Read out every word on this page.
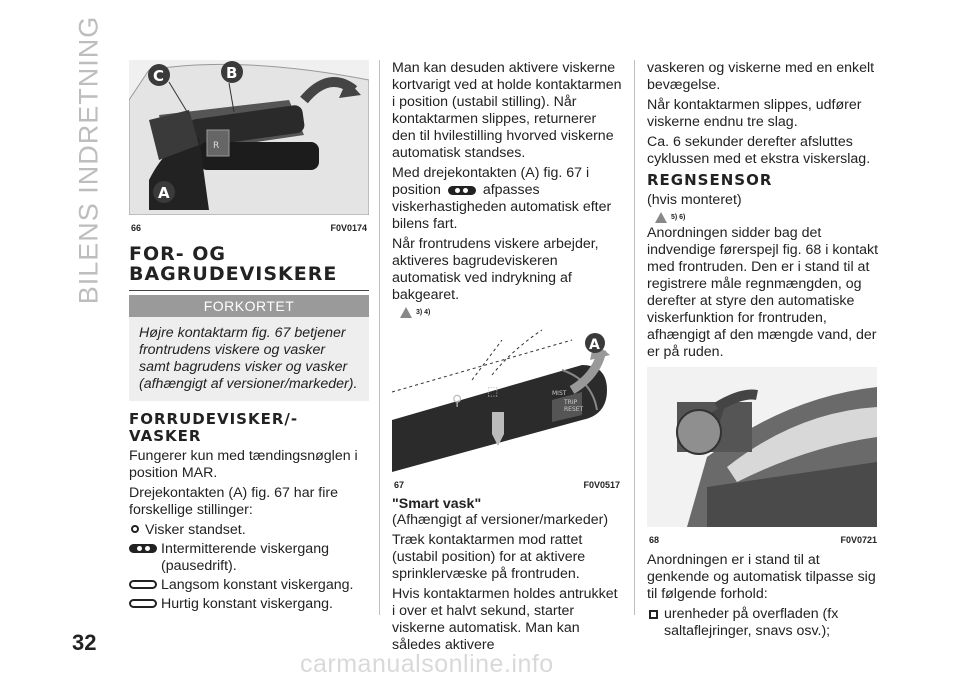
BILENS INDRETNING
32
carmanualsonline.info
R
C	B
A
66	F0V0174
FOR- OG BAGRUDEVISKERE
FORKORTET
Højre kontaktarm fig. 67 betjener frontrudens viskere og vasker samt bagrudens visker og vasker (afhængigt af versioner/markeder).
FORRUDEVISKER/-VASKER

Fungerer kun med tændingsnøglen i position MAR.

Drejekontakten (A) fig. 67 har fire forskellige stillinger:

Visker standset.
Intermitterende viskergang (pausedrift).
Langsom konstant viskergang.
Hurtig konstant viskergang.

Man kan desuden aktivere viskerne kortvarigt ved at holde kontaktarmen i position (ustabil stilling). Når kontaktarmen slippes, returnerer den til hvilestilling hvorved viskerne automatisk standses.

Med drejekontakten (A) fig. 67 i position	afpasses viskerhastigheden automatisk efter bilens fart.

Når frontrudens viskere arbejder, aktiveres bagrudeviskeren automatisk ved indrykning af bakgearet.

3) 4)
⚲
⬚	MIST
TRIP
RESET
A
67	F0V0517
"Smart vask"

(Afhængigt af versioner/markeder)

Træk kontaktarmen mod rattet (ustabil position) for at aktivere sprinklervæske på frontruden.

Hvis kontaktarmen holdes antrukket i over et halvt sekund, starter viskerne automatisk. Man kan således aktivere

vaskeren og viskerne med en enkelt bevægelse.

Når kontaktarmen slippes, udfører viskerne endnu tre slag.

Ca. 6 sekunder derefter afsluttes cyklussen med et ekstra viskerslag.

REGNSENSOR

(hvis monteret)

5) 6)

Anordningen sidder bag det indvendige førerspejl fig. 68 i kontakt med frontruden. Den er i stand til at registrere måle regnmængden, og derefter at styre den automatiske viskerfunktion for frontruden, afhængigt af den mængde vand, der er på ruden.

68	F0V0721

Anordningen er i stand til at genkende og automatisk tilpasse sig til følgende forhold:

urenheder på overfladen (fx saltaflejringer, snavs osv.);
